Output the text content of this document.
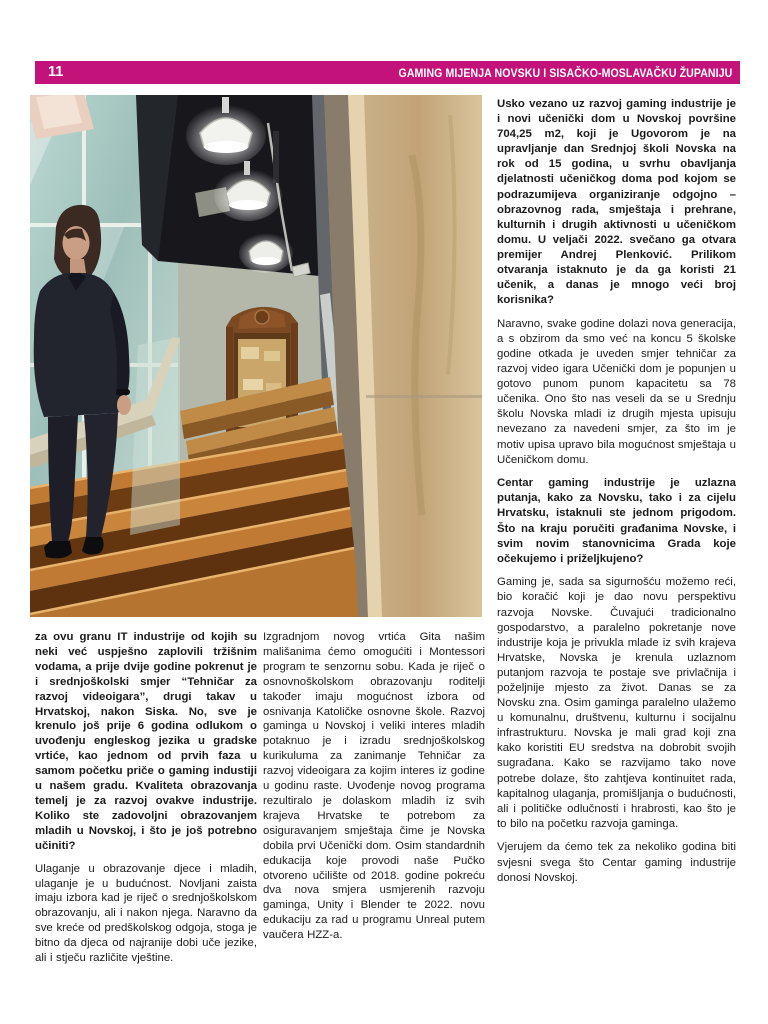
11	GAMING MIJENJA NOVSKU I SISAČKO-MOSLAVAČKU ŽUPANIJU

za ovu granu IT industrije od kojih su neki već uspješno zaplovili tržišnim vodama, a prije dvije godine pokrenut je i srednjoškolski smjer “Tehničar za razvoj videoigara”, drugi takav u Hrvatskoj, nakon Siska. No, sve je krenulo još prije 6 godina odlukom o uvođenju engleskog jezika u gradske vrtiće, kao jednom od prvih faza u samom početku priče o gaming industiji u našem gradu. Kvaliteta obrazovanja temelj je za razvoj ovakve industrije. Koliko ste zadovoljni obrazovanjem mladih u Novskoj, i što je još potrebno učiniti?

Ulaganje u obrazovanje djece i mladih, ulaganje je u budućnost. Novljani zaista imaju izbora kad je riječ o srednjoškolskom obrazovanju, ali i nakon njega. Naravno da sve kreće od predškolskog odgoja, stoga je bitno da djeca od najranije dobi uče jezike, ali i stječu različite vještine.

Izgradnjom novog vrtića Gita našim mališanima ćemo omogućiti i Montessori program te senzornu sobu. Kada je riječ o osnovnoškolskom obrazovanju roditelji također imaju mogućnost izbora od osnivanja Katoličke osnovne škole. Razvoj gaminga u Novskoj i veliki interes mladih potaknuo je i izradu srednjoškolskog kurikuluma za zanimanje Tehničar za razvoj videoigara za kojim interes iz godine u godinu raste. Uvođenje novog programa rezultiralo je dolaskom mladih iz svih krajeva Hrvatske te potrebom za osiguravanjem smještaja čime je Novska dobila prvi Učenički dom. Osim standardnih edukacija koje provodi naše Pučko otvoreno učilište od 2018. godine pokreću dva nova smjera usmjerenih razvoju gaminga, Unity i Blender te 2022. novu edukaciju za rad u programu Unreal putem vaučera HZZ-a.

Usko vezano uz razvoj gaming industrije je i novi učenički dom u Novskoj površine 704,25 m2, koji je Ugovorom je na upravljanje dan Srednjoj školi Novska na rok od 15 godina, u svrhu obavljanja djelatnosti učeničkog doma pod kojom se podrazumijeva organiziranje odgojno – obrazovnog rada, smještaja i prehrane, kulturnih i drugih aktivnosti u učeničkom domu. U veljači 2022. svečano ga otvara premijer Andrej Plenković. Prilikom otvaranja istaknuto je da ga koristi 21 učenik, a danas je mnogo veći broj korisnika?

Naravno, svake godine dolazi nova generacija, a s obzirom da smo već na koncu 5 školske godine otkada je uveden smjer tehničar za razvoj video igara Učenički dom je popunjen u gotovo punom punom kapacitetu sa 78 učenika. Ono što nas veseli da se u Srednju školu Novska mladi iz drugih mjesta upisuju nevezano za navedeni smjer, za što im je motiv upisa upravo bila mogućnost smještaja u Učeničkom domu.

Centar gaming industrije je uzlazna putanja, kako za Novsku, tako i za cijelu Hrvatsku, istaknuli ste jednom prigodom. Što na kraju poručiti građanima Novske, i svim novim stanovnicima Grada koje očekujemo i priželjkujeno?

Gaming je, sada sa sigurnošću možemo reći, bio koračić koji je dao novu perspektivu razvoja Novske. Čuvajući tradicionalno gospodarstvo, a paralelno pokretanje nove industrije koja je privukla mlade iz svih krajeva Hrvatske, Novska je krenula uzlaznom putanjom razvoja te postaje sve privlačnija i poželjnije mjesto za život. Danas se za Novsku zna. Osim gaminga paralelno ulažemo u komunalnu, društvenu, kulturnu i socijalnu infrastrukturu. Novska je mali grad koji zna kako koristiti EU sredstva na dobrobit svojih sugrađana. Kako se razvijamo tako nove potrebe dolaze, što zahtjeva kontinuitet rada, kapitalnog ulaganja, promišljanja o budućnosti, ali i političke odlučnosti i hrabrosti, kao što je to bilo na početku razvoja gaminga.

Vjerujem da ćemo tek za nekoliko godina biti svjesni svega što Centar gaming industrije donosi Novskoj.
